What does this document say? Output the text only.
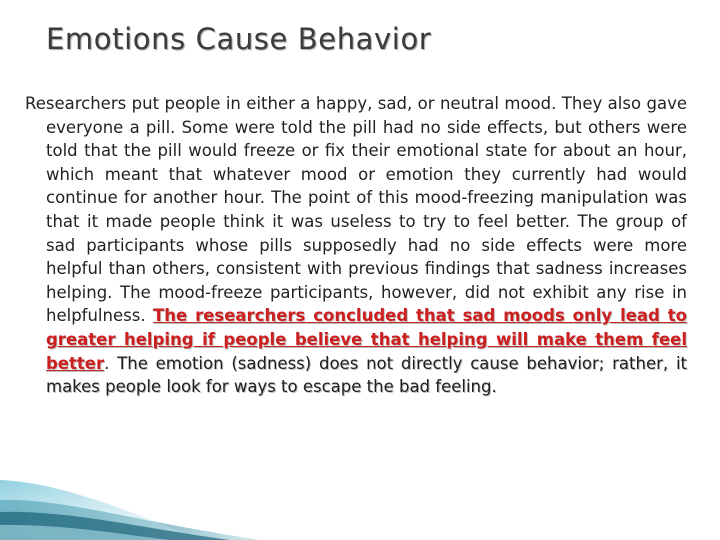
Emotions Cause Behavior

Researchers put people in either a happy, sad, or neutral mood. They also gave everyone a pill. Some were told the pill had no side effects, but others were told that the pill would freeze or fix their emotional state for about an hour, which meant that whatever mood or emotion they currently had would continue for another hour. The point of this mood-freezing manipulation was that it made people think it was useless to try to feel better. The group of sad participants whose pills supposedly had no side effects were more helpful than others, consistent with previous findings that sadness increases helping. The mood-freeze participants, however, did not exhibit any rise in helpfulness. The researchers concluded that sad moods only lead to greater helping if people believe that helping will make them feel better. The emotion (sadness) does not directly cause behavior; rather, it makes people look for ways to escape the bad feeling.
